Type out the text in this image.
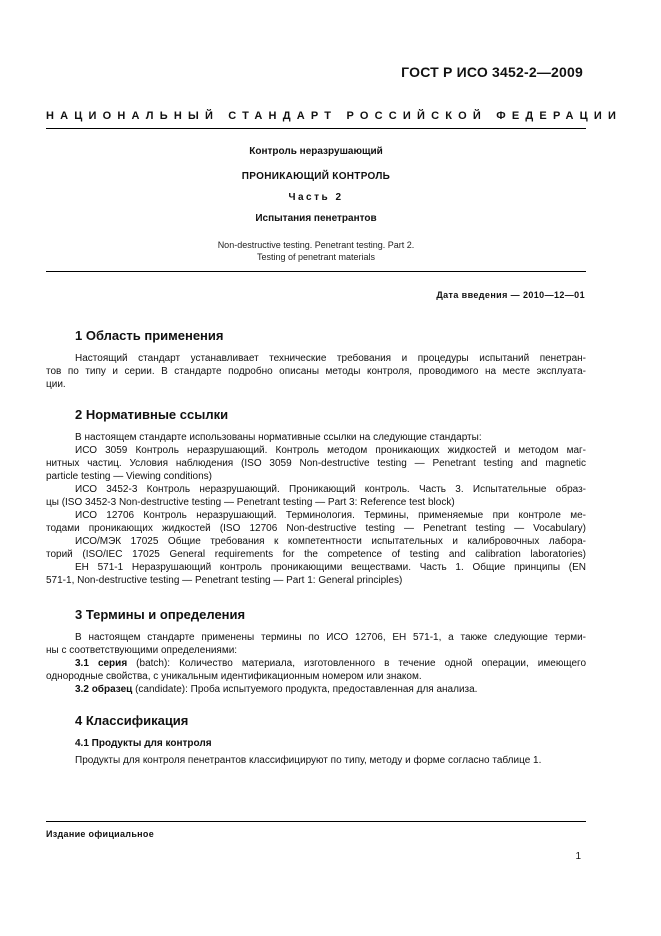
ГОСТ Р ИСО 3452-2—2009
НАЦИОНАЛЬНЫЙ СТАНДАРТ РОССИЙСКОЙ ФЕДЕРАЦИИ
Контроль неразрушающий
ПРОНИКАЮЩИЙ КОНТРОЛЬ
Часть 2
Испытания пенетрантов
Non-destructive testing. Penetrant testing. Part 2.
Testing of penetrant materials
Дата введения — 2010—12—01
1 Область применения
Настоящий стандарт устанавливает технические требования и процедуры испытаний пенетран-
тов по типу и серии. В стандарте подробно описаны методы контроля, проводимого на месте эксплуата-
ции.
2 Нормативные ссылки
В настоящем стандарте использованы нормативные ссылки на следующие стандарты:
ИСО 3059 Контроль неразрушающий. Контроль методом проникающих жидкостей и методом маг-
нитных частиц. Условия наблюдения (ISO 3059 Non-destructive testing — Penetrant testing and magnetic
particle testing — Viewing conditions)
ИСО 3452-3 Контроль неразрушающий. Проникающий контроль. Часть 3. Испытательные образ-
цы (ISO 3452-3 Non-destructive testing — Penetrant testing — Part 3: Reference test block)
ИСО 12706 Контроль неразрушающий. Терминология. Термины, применяемые при контроле ме-
тодами проникающих жидкостей (ISO 12706 Non-destructive testing — Penetrant testing — Vocabulary)
ИСО/МЭК 17025 Общие требования к компетентности испытательных и калибровочных лабора-
торий (ISO/IEC 17025 General requirements for the competence of testing and calibration laboratories)
ЕН 571-1 Неразрушающий контроль проникающими веществами. Часть 1. Общие принципы (EN
571-1, Non-destructive testing — Penetrant testing — Part 1: General principles)
3 Термины и определения
В настоящем стандарте применены термины по ИСО 12706, ЕН 571-1, а также следующие терми-
ны с соответствующими определениями:
3.1 серия (batch): Количество материала, изготовленного в течение одной операции, имеющего
однородные свойства, с уникальным идентификационным номером или знаком.
3.2 образец (candidate): Проба испытуемого продукта, предоставленная для анализа.
4 Классификация
4.1 Продукты для контроля
Продукты для контроля пенетрантов классифицируют по типу, методу и форме согласно таблице 1.
Издание официальное
1
